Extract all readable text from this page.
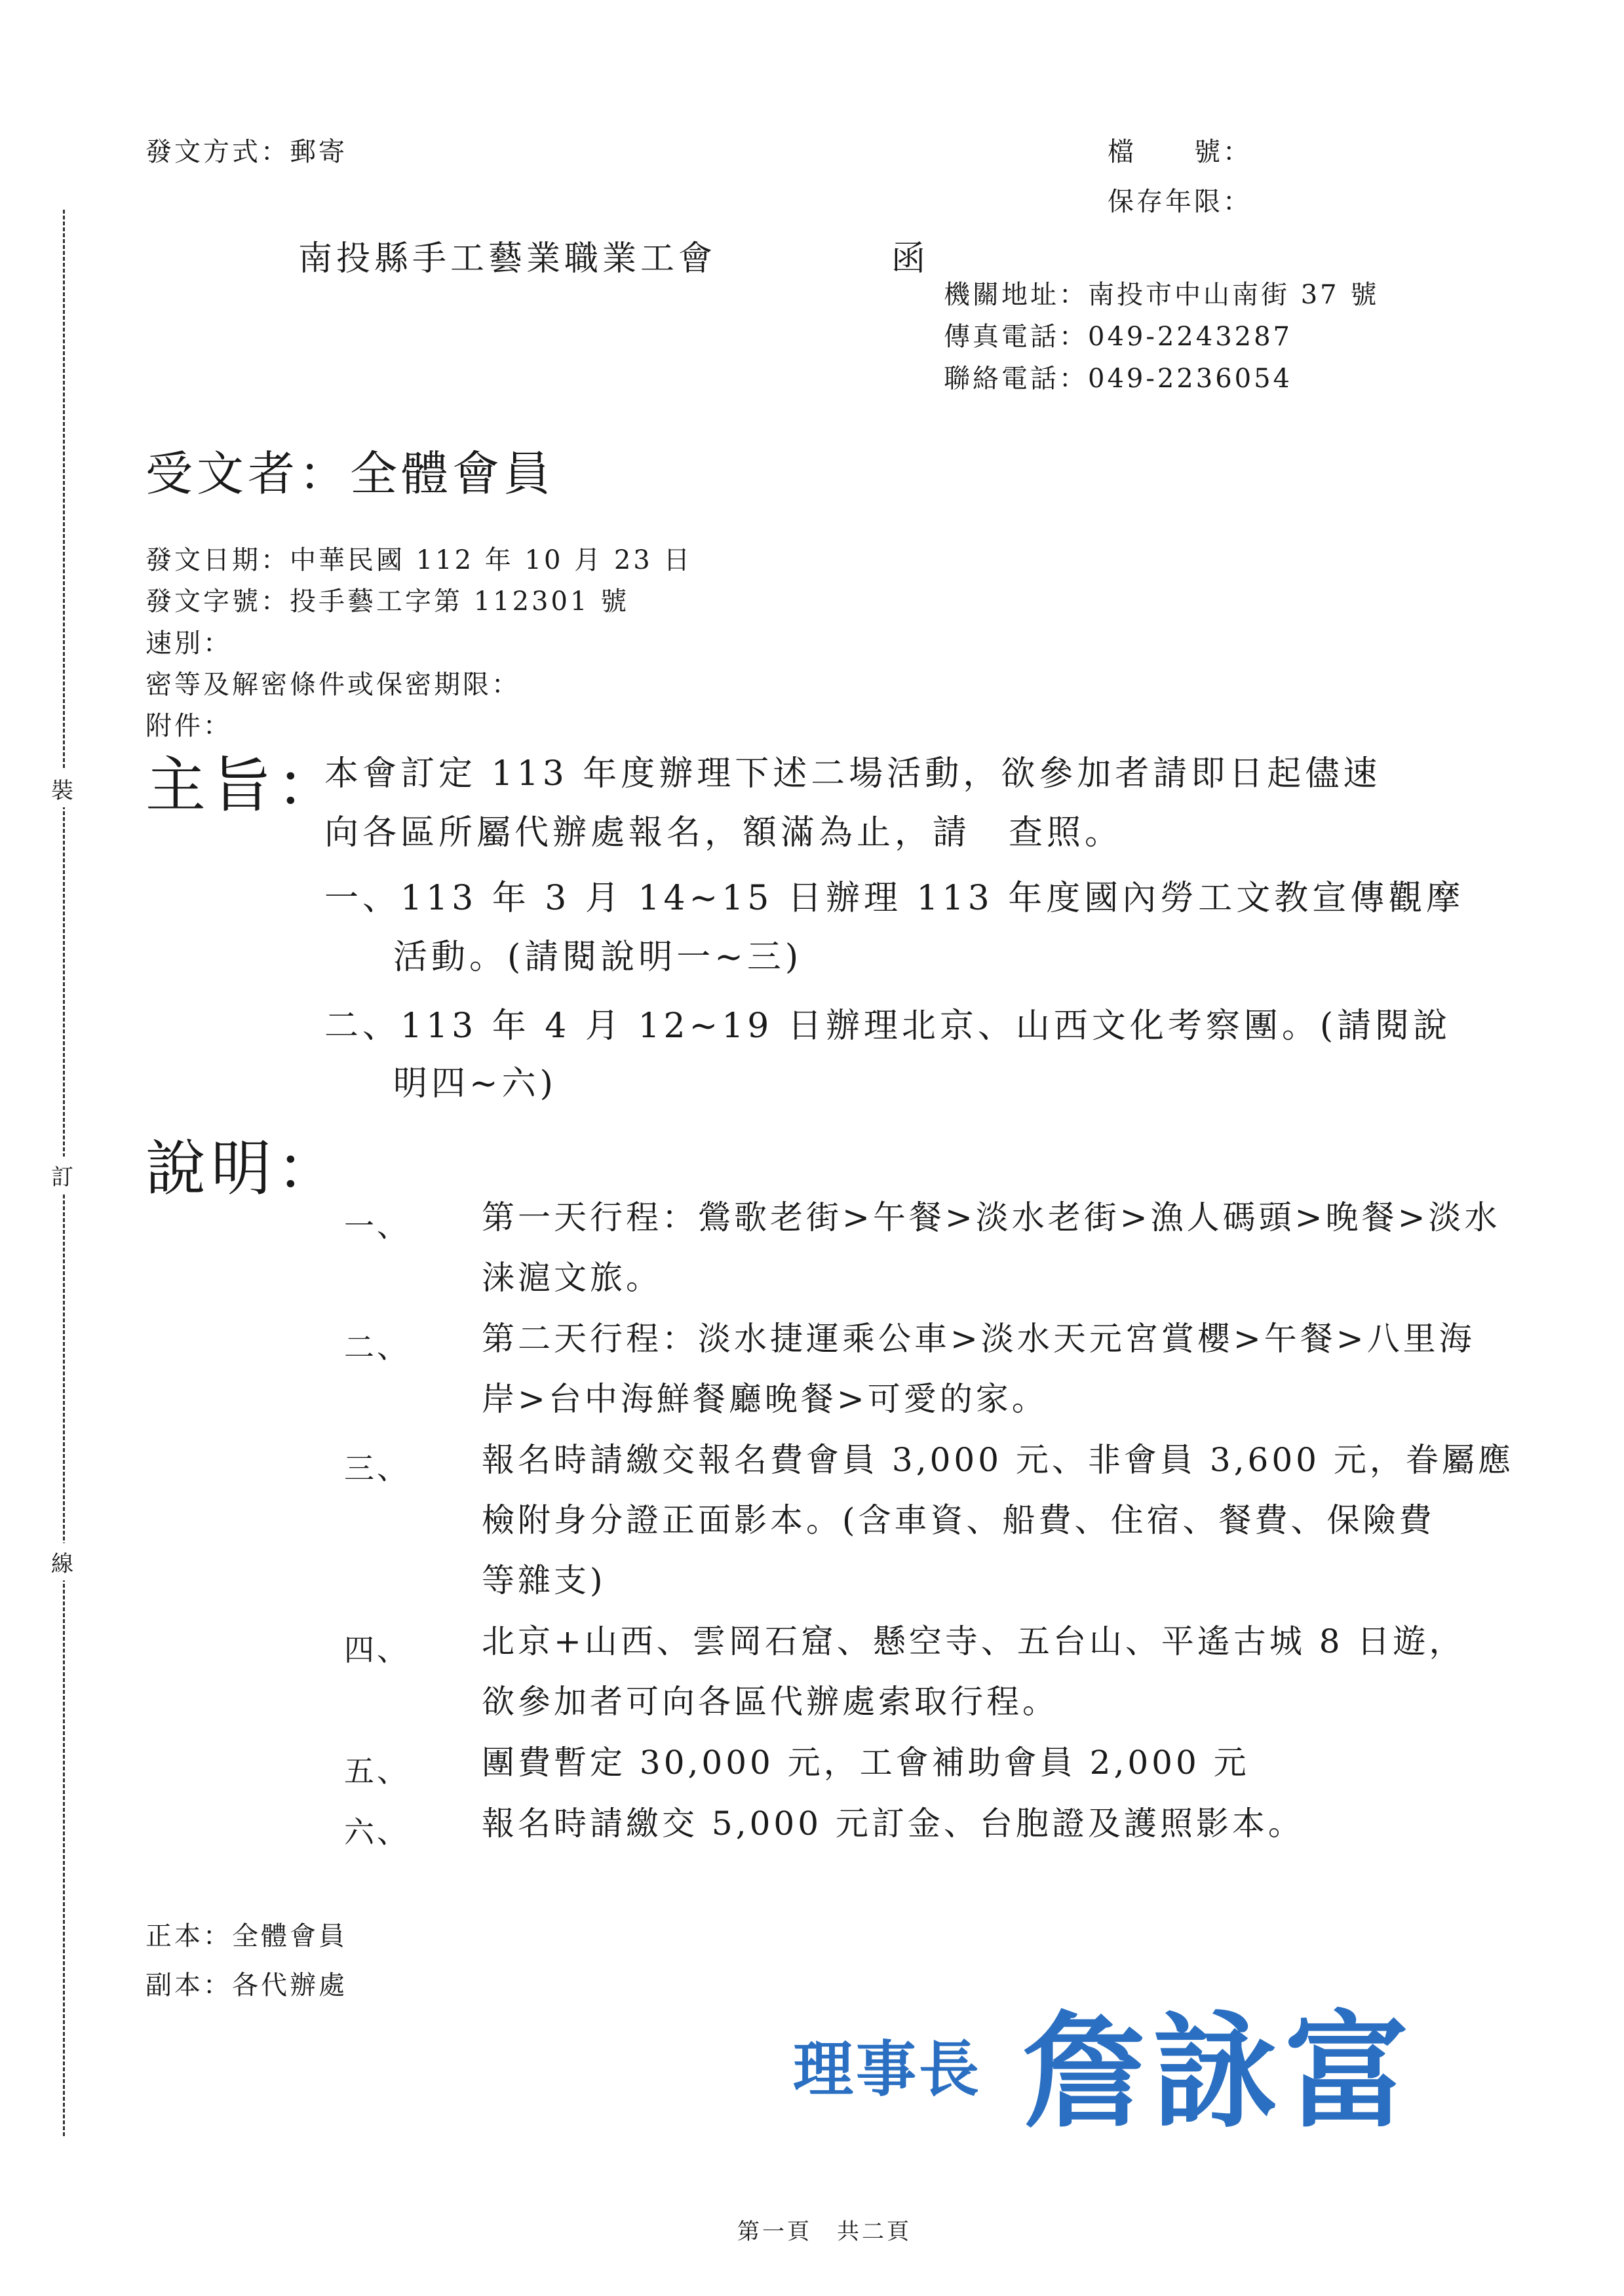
裝
訂
線
發文方式：郵寄	檔　　號：
保存年限：
南投縣手工藝業職業工會	函
機關地址：南投市中山南街 37 號
傳真電話：049-2243287
聯絡電話：049-2236054
受文者：全體會員
發文日期：中華民國 112 年 10 月 23 日
發文字號：投手藝工字第 112301 號
速別：
密等及解密條件或保密期限：
附件：
主旨：
本會訂定 113 年度辦理下述二場活動，欲參加者請即日起儘速
向各區所屬代辦處報名，額滿為止，請　查照。
一、113 年 3 月 14~15 日辦理 113 年度國內勞工文教宣傳觀摩
活動。(請閱說明一~三)
二、113 年 4 月 12~19 日辦理北京、山西文化考察團。(請閱說
明四~六)
說明：
一、 第一天行程：鶯歌老街>午餐>淡水老街>漁人碼頭>晚餐>淡水
涞滬文旅。
二、 第二天行程：淡水捷運乘公車>淡水天元宮賞櫻>午餐>八里海
岸>台中海鮮餐廳晚餐>可愛的家。
三、 報名時請繳交報名費會員 3,000 元、非會員 3,600 元，眷屬應
檢附身分證正面影本。(含車資、船費、住宿、餐費、保險費
等雜支)
四、 北京+山西、雲岡石窟、懸空寺、五台山、平遙古城 8 日遊，
欲參加者可向各區代辦處索取行程。
五、 團費暫定 30,000 元，工會補助會員 2,000 元
六、 報名時請繳交 5,000 元訂金、台胞證及護照影本。
正本：全體會員
副本：各代辦處
理事長 詹詠富
第一頁　共二頁
